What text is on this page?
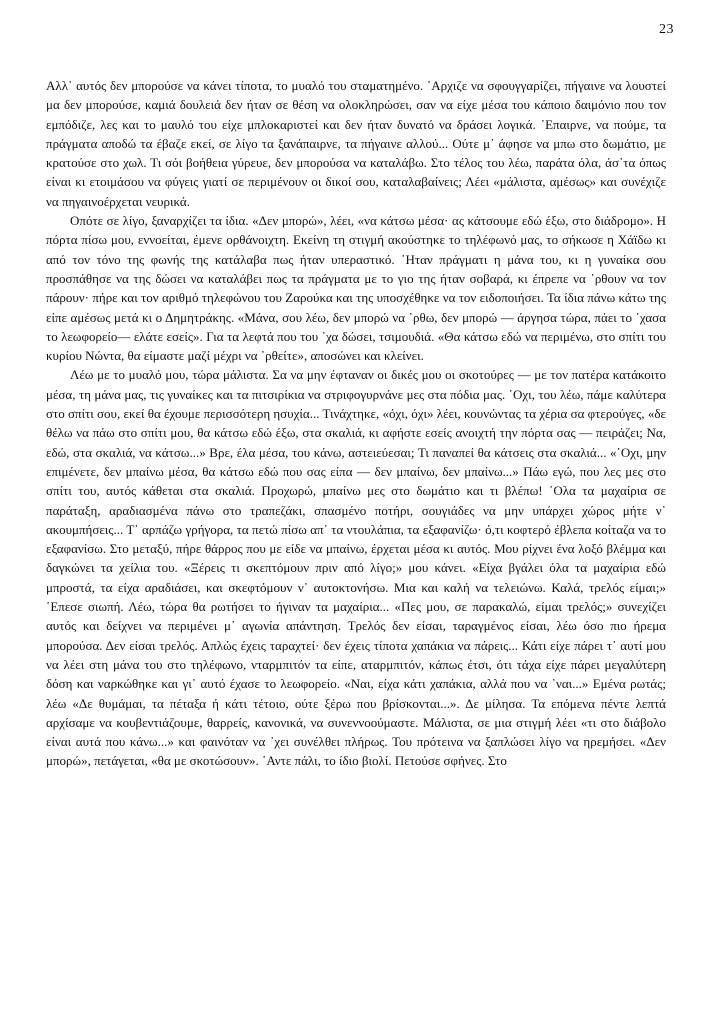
23

Αλλ᾽ αυτός δεν μπορούσε να κάνει τίποτα, το μυαλό του σταματημένο. ῾Αρχιζε να σφουγγαρίζει, πήγαινε να λουστεί μα δεν μπορούσε, καμιά δουλειά δεν ήταν σε θέση να ολοκληρώσει, σαν να είχε μέσα του κάποιο δαιμόνιο που τον εμπόδιζε, λες και το μαυλό του είχε μπλοκαριστεί και δεν ήταν δυνατό να δράσει λογικά. ῾Επαιρνε, να πούμε, τα πράγματα αποδώ τα έβαζε εκεί, σε λίγο τα ξανάπαιρνε, τα πήγαινε αλλού... Ούτε μ᾽ άφησε να μπω στο δωμάτιο, με κρατούσε στο χωλ. Τι σόι βοήθεια γύρευε, δεν μπορούσα να καταλάβω. Στο τέλος του λέω, παράτα όλα, άσ᾽τα όπως είναι κι ετοιμάσου να φύγεις γιατί σε περιμένουν οι δικοί σου, καταλαβαίνεις; Λέει «μάλιστα, αμέσως» και συνέχιζε να πηγαινοέρχεται νευρικά.

Οπότε σε λίγο, ξαναρχίζει τα ίδια. «Δεν μπορώ», λέει, «να κάτσω μέσα· ας κάτσουμε εδώ έξω, στο διάδρομο». Η πόρτα πίσω μου, εννοείται, έμενε ορθάνοιχτη. Εκείνη τη στιγμή ακούστηκε το τηλέφωνό μας, το σήκωσε η Χάϊδω κι από τον τόνο της φωνής της κατάλαβα πως ήταν υπεραστικό. ῾Ηταν πράγματι η μάνα του, κι η γυναίκα σου προσπάθησε να της δώσει να καταλάβει πως τα πράγματα με το γιο της ήταν σοβαρά, κι έπρεπε να ᾽ρθουν να τον πάρουν· πήρε και τον αριθμό τηλεφώνου του Ζαρούκα και της υποσχέθηκε να τον ειδοποιήσει. Τα ίδια πάνω κάτω της είπε αμέσως μετά κι ο Δημητράκης. «Μάνα, σου λέω, δεν μπορώ να ᾽ρθω, δεν μπορώ — άργησα τώρα, πάει το ᾽χασα το λεωφορείο— ελάτε εσείς». Για τα λεφτά που του ᾽χα δώσει, τσιμουδιά. «Θα κάτσω εδώ να περιμένω, στο σπίτι του κυρίου Νώντα, θα είμαστε μαζί μέχρι να ᾽ρθείτε», αποσώνει και κλείνει.

Λέω με το μυαλό μου, τώρα μάλιστα. Σα να μην έφταναν οι δικές μου οι σκοτούρες — με τον πατέρα κατάκοιτο μέσα, τη μάνα μας, τις γυναίκες και τα πιτσιρίκια να στριφογυρνάνε μες στα πόδια μας. ῾Οχι, του λέω, πάμε καλύτερα στο σπίτι σου, εκεί θα έχουμε περισσότερη ησυχία... Τινάχτηκε, «όχι, όχι» λέει, κουνώντας τα χέρια σα φτερούγες, «δε θέλω να πάω στο σπίτι μου, θα κάτσω εδώ έξω, στα σκαλιά, κι αφήστε εσείς ανοιχτή την πόρτα σας — πειράζει; Να, εδώ, στα σκαλιά, να κάτσω...» Βρε, έλα μέσα, του κάνω, αστειεύεσαι; Τι παναπεί θα κάτσεις στα σκαλιά... «῾Οχι, μην επιμένετε, δεν μπαίνω μέσα, θα κάτσω εδώ που σας είπα — δεν μπαίνω, δεν μπαίνω...» Πάω εγώ, που λες μες στο σπίτι του, αυτός κάθεται στα σκαλιά. Προχωρώ, μπαίνω μες στο δωμάτιο και τι βλέπω! ῾Ολα τα μαχαίρια σε παράταξη, αραδιασμένα πάνω στο τραπεζάκι, σπασμένο ποτήρι, σουγιάδες να μην υπάρχει χώρος μήτε ν᾽ ακουμπήσεις... Τ᾽ αρπάζω γρήγορα, τα πετώ πίσω απ᾽ τα ντουλάπια, τα εξαφανίζω· ό,τι κοφτερό έβλεπα κοίταζα να το εξαφανίσω. Στο μεταξύ, πήρε θάρρος που με είδε να μπαίνω, έρχεται μέσα κι αυτός. Μου ρίχνει ένα λοξό βλέμμα και δαγκώνει τα χείλια του. «Ξέρεις τι σκεπτόμουν πριν από λίγο;» μου κάνει. «Είχα βγάλει όλα τα μαχαίρια εδώ μπροστά, τα είχα αραδιάσει, και σκεφτόμουν ν᾽ αυτοκτονήσω. Μια και καλή να τελειώνω. Καλά, τρελός είμαι;» ῾Επεσε σιωπή. Λέω, τώρα θα ρωτήσει το ήγιναν τα μαχαίρια... «Πες μου, σε παρακαλώ, είμαι τρελός;» συνεχίζει αυτός και δείχνει να περιμένει μ᾽ αγωνία απάντηση. Τρελός δεν είσαι, ταραγμένος είσαι, λέω όσο πιο ήρεμα μπορούσα. Δεν είσαι τρελός. Απλώς έχεις ταραχτεί· δεν έχεις τίποτα χαπάκια να πάρεις... Κάτι είχε πάρει τ᾽ αυτί μου να λέει στη μάνα του στο τηλέφωνο, νταρμπιτόν τα είπε, αταρμπιτόν, κάπως έτσι, ότι τάχα είχε πάρει μεγαλύτερη δόση και ναρκώθηκε και γι᾽ αυτό έχασε το λεωφορείο. «Ναι, είχα κάτι χαπάκια, αλλά που να ᾽ναι...» Εμένα ρωτάς; λέω «Δε θυμάμαι, τα πέταξα ή κάτι τέτοιο, ούτε ξέρω που βρίσκονται...». Δε μίλησα. Τα επόμενα πέντε λεπτά αρχίσαμε να κουβεντιάζουμε, θαρρείς, κανονικά, να συνεννοούμαστε. Μάλιστα, σε μια στιγμή λέει «τι στο διάβολο είναι αυτά που κάνω...» και φαινόταν να ᾽χει συνέλθει πλήρως. Του πρότεινα να ξαπλώσει λίγο να ηρεμήσει. «Δεν μπορώ», πετάγεται, «θα με σκοτώσουν». ῾Αντε πάλι, το ίδιο βιολί. Πετούσε σφήνες. Στο
